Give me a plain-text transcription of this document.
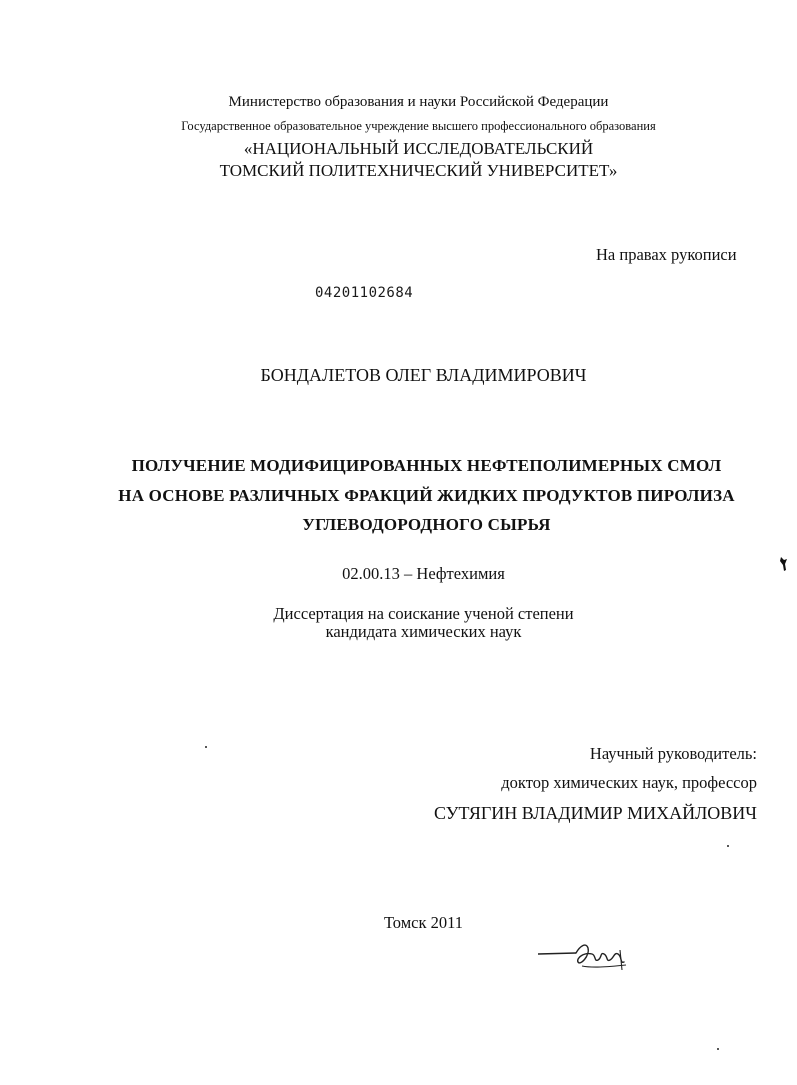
Министерство образования и науки Российской Федерации
Государственное образовательное учреждение высшего профессионального образования
«НАЦИОНАЛЬНЫЙ ИССЛЕДОВАТЕЛЬСКИЙ
ТОМСКИЙ ПОЛИТЕХНИЧЕСКИЙ УНИВЕРСИТЕТ»
На правах рукописи
04201102684
БОНДАЛЕТОВ ОЛЕГ ВЛАДИМИРОВИЧ
ПОЛУЧЕНИЕ МОДИФИЦИРОВАННЫХ НЕФТЕПОЛИМЕРНЫХ СМОЛ
НА ОСНОВЕ РАЗЛИЧНЫХ ФРАКЦИЙ ЖИДКИХ ПРОДУКТОВ ПИРОЛИЗА
УГЛЕВОДОРОДНОГО СЫРЬЯ
02.00.13 – Нефтехимия
Диссертация на соискание ученой степени
кандидата химических наук
Научный руководитель:
доктор химических наук, профессор
СУТЯГИН ВЛАДИМИР МИХАЙЛОВИЧ
Томск 2011
